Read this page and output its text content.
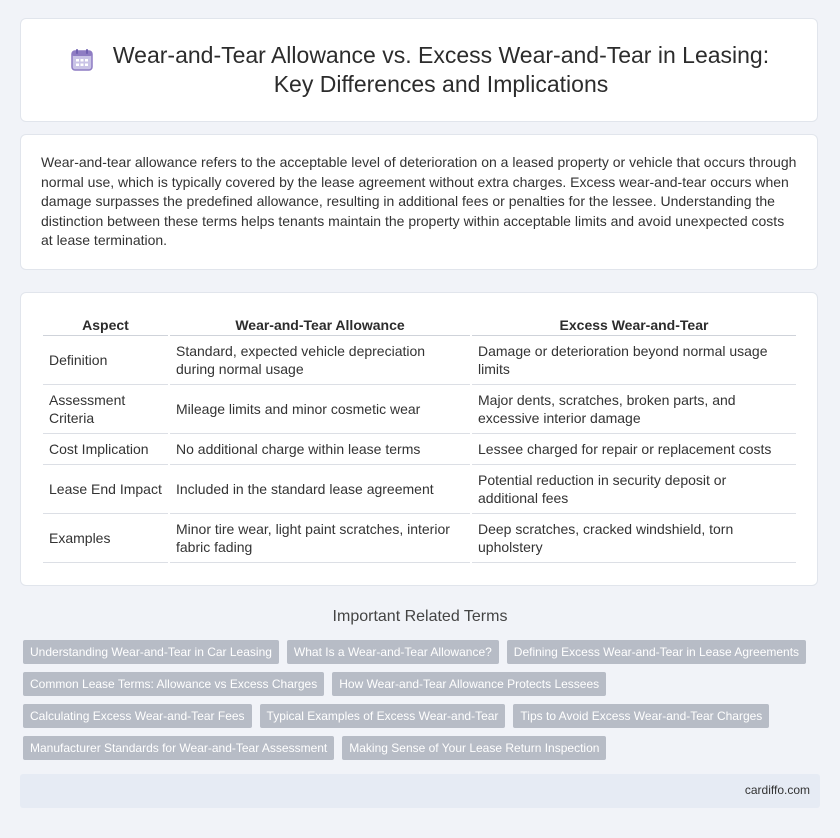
Wear-and-Tear Allowance vs. Excess Wear-and-Tear in Leasing:
Key Differences and Implications

Wear-and-tear allowance refers to the acceptable level of deterioration on a leased property or vehicle that occurs through normal use, which is typically covered by the lease agreement without extra charges. Excess wear-and-tear occurs when damage surpasses the predefined allowance, resulting in additional fees or penalties for the lessee. Understanding the distinction between these terms helps tenants maintain the property within acceptable limits and avoid unexpected costs at lease termination.

Aspect	Wear-and-Tear Allowance	Excess Wear-and-Tear
Definition	Standard, expected vehicle depreciation during normal usage	Damage or deterioration beyond normal usage limits
Assessment Criteria	Mileage limits and minor cosmetic wear	Major dents, scratches, broken parts, and excessive interior damage
Cost Implication	No additional charge within lease terms	Lessee charged for repair or replacement costs
Lease End Impact	Included in the standard lease agreement	Potential reduction in security deposit or additional fees
Examples	Minor tire wear, light paint scratches, interior fabric fading	Deep scratches, cracked windshield, torn upholstery
Important Related Terms
Understanding Wear-and-Tear in Car Leasing	What Is a Wear-and-Tear Allowance?	Defining Excess Wear-and-Tear in Lease Agreements
Common Lease Terms: Allowance vs Excess Charges	How Wear-and-Tear Allowance Protects Lessees
Calculating Excess Wear-and-Tear Fees	Typical Examples of Excess Wear-and-Tear	Tips to Avoid Excess Wear-and-Tear Charges
Manufacturer Standards for Wear-and-Tear Assessment	Making Sense of Your Lease Return Inspection
cardiffo.com
